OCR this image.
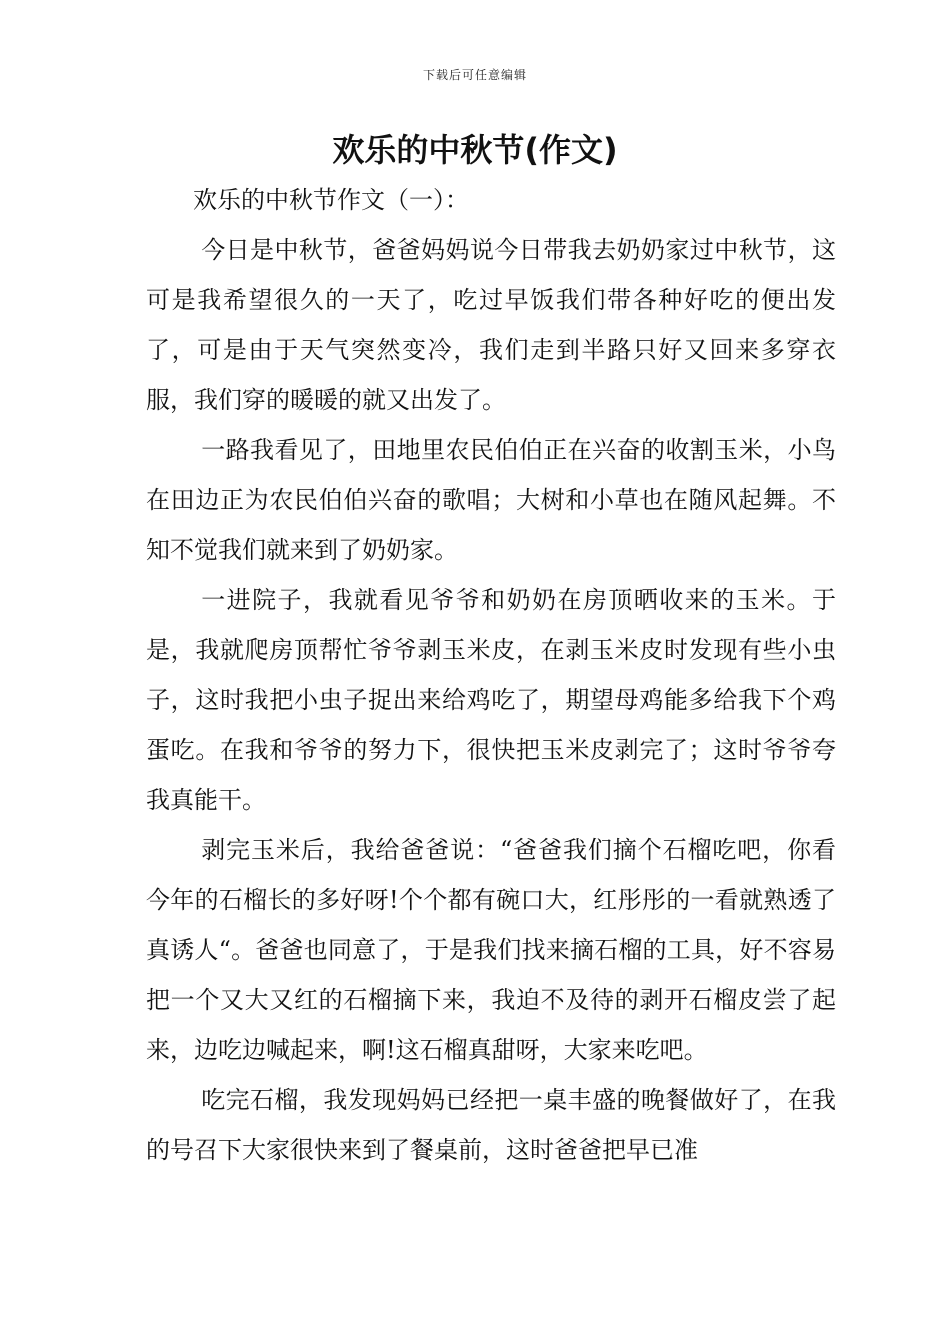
下载后可任意编辑
欢乐的中秋节(作文)
欢乐的中秋节作文（一）：

今日是中秋节，爸爸妈妈说今日带我去奶奶家过中秋节，这可是我希望很久的一天了，吃过早饭我们带各种好吃的便出发了，可是由于天气突然变冷，我们走到半路只好又回来多穿衣服，我们穿的暖暖的就又出发了。

一路我看见了，田地里农民伯伯正在兴奋的收割玉米，小鸟在田边正为农民伯伯兴奋的歌唱；大树和小草也在随风起舞。不知不觉我们就来到了奶奶家。

一进院子，我就看见爷爷和奶奶在房顶晒收来的玉米。于是，我就爬房顶帮忙爷爷剥玉米皮，在剥玉米皮时发现有些小虫子，这时我把小虫子捉出来给鸡吃了，期望母鸡能多给我下个鸡蛋吃。在我和爷爷的努力下，很快把玉米皮剥完了；这时爷爷夸我真能干。

剥完玉米后，我给爸爸说：“爸爸我们摘个石榴吃吧，你看今年的石榴长的多好呀!个个都有碗口大，红彤彤的一看就熟透了真诱人“。爸爸也同意了，于是我们找来摘石榴的工具，好不容易把一个又大又红的石榴摘下来，我迫不及待的剥开石榴皮尝了起来，边吃边喊起来，啊!这石榴真甜呀，大家来吃吧。

吃完石榴，我发现妈妈已经把一桌丰盛的晚餐做好了，在我的号召下大家很快来到了餐桌前，这时爸爸把早已准
